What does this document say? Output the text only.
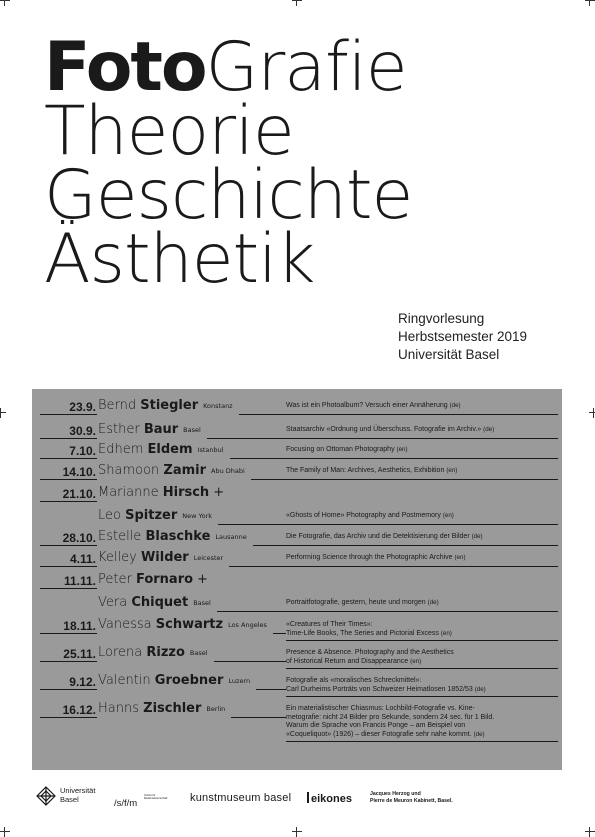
FotoGrafie
Theorie
Geschichte
Ästhetik
Ringvorlesung
Herbstsemester 2019
Universität Basel
23.9. Bernd Stiegler Konstanz	Was ist ein Photoalbum? Versuch einer Annäherung (de)
30.9. Esther Baur Basel	Staatsarchiv «Ordnung und Überschuss. Fotografie im Archiv.» (de)
7.10. Edhem Eldem Istanbul	Focusing on Ottoman Photography (en)
14.10. Shamoon Zamir Abu Dhabi	The Family of Man: Archives, Aesthetics, Exhibition (en)
21.10. Marianne Hirsch +
Leo Spitzer New York	«Ghosts of Home» Photography and Postmemory (en)
28.10. Estelle Blaschke Lausanne	Die Fotografie, das Archiv und die Detektisierung der Bilder (de)
4.11. Kelley Wilder Leicester	Performing Science through the Photographic Archive (en)
11.11. Peter Fornaro +
Vera Chiquet Basel	Portraitfotografie, gestern, heute und morgen (de)
18.11. Vanessa Schwartz Los Angeles	«Creatures of Their Times»:
Time-Life Books, The Series and Pictorial Excess (en)
25.11. Lorena Rizzo Basel	Presence & Absence. Photography and the Aesthetics
of Historical Return and Disappearance (en)
9.12. Valentin Groebner Luzern	Fotografie als «moralisches Schreckmittel»:
Carl Durheims Porträts von Schweizer Heimatlosen 1852/53 (de)
16.12. Hanns Zischler Berlin	Ein materialistischer Chiasmus: Lochbild-Fotografie vs. Kine-
metografie: nicht 24 Bilder pro Sekunde, sondern 24 sec. für 1 Bild.
Warum die Sprache von Francis Ponge – am Beispiel von
«Coqueliquot» (1926) – dieser Fotografie sehr nahe kommt. (de)
Universität
Basel	/s/f/m
Institut für
Medienwissenschaft	kunstmuseum basel	eikones	Jacques Herzog und
Pierre de Meuron Kabinett, Basel.
